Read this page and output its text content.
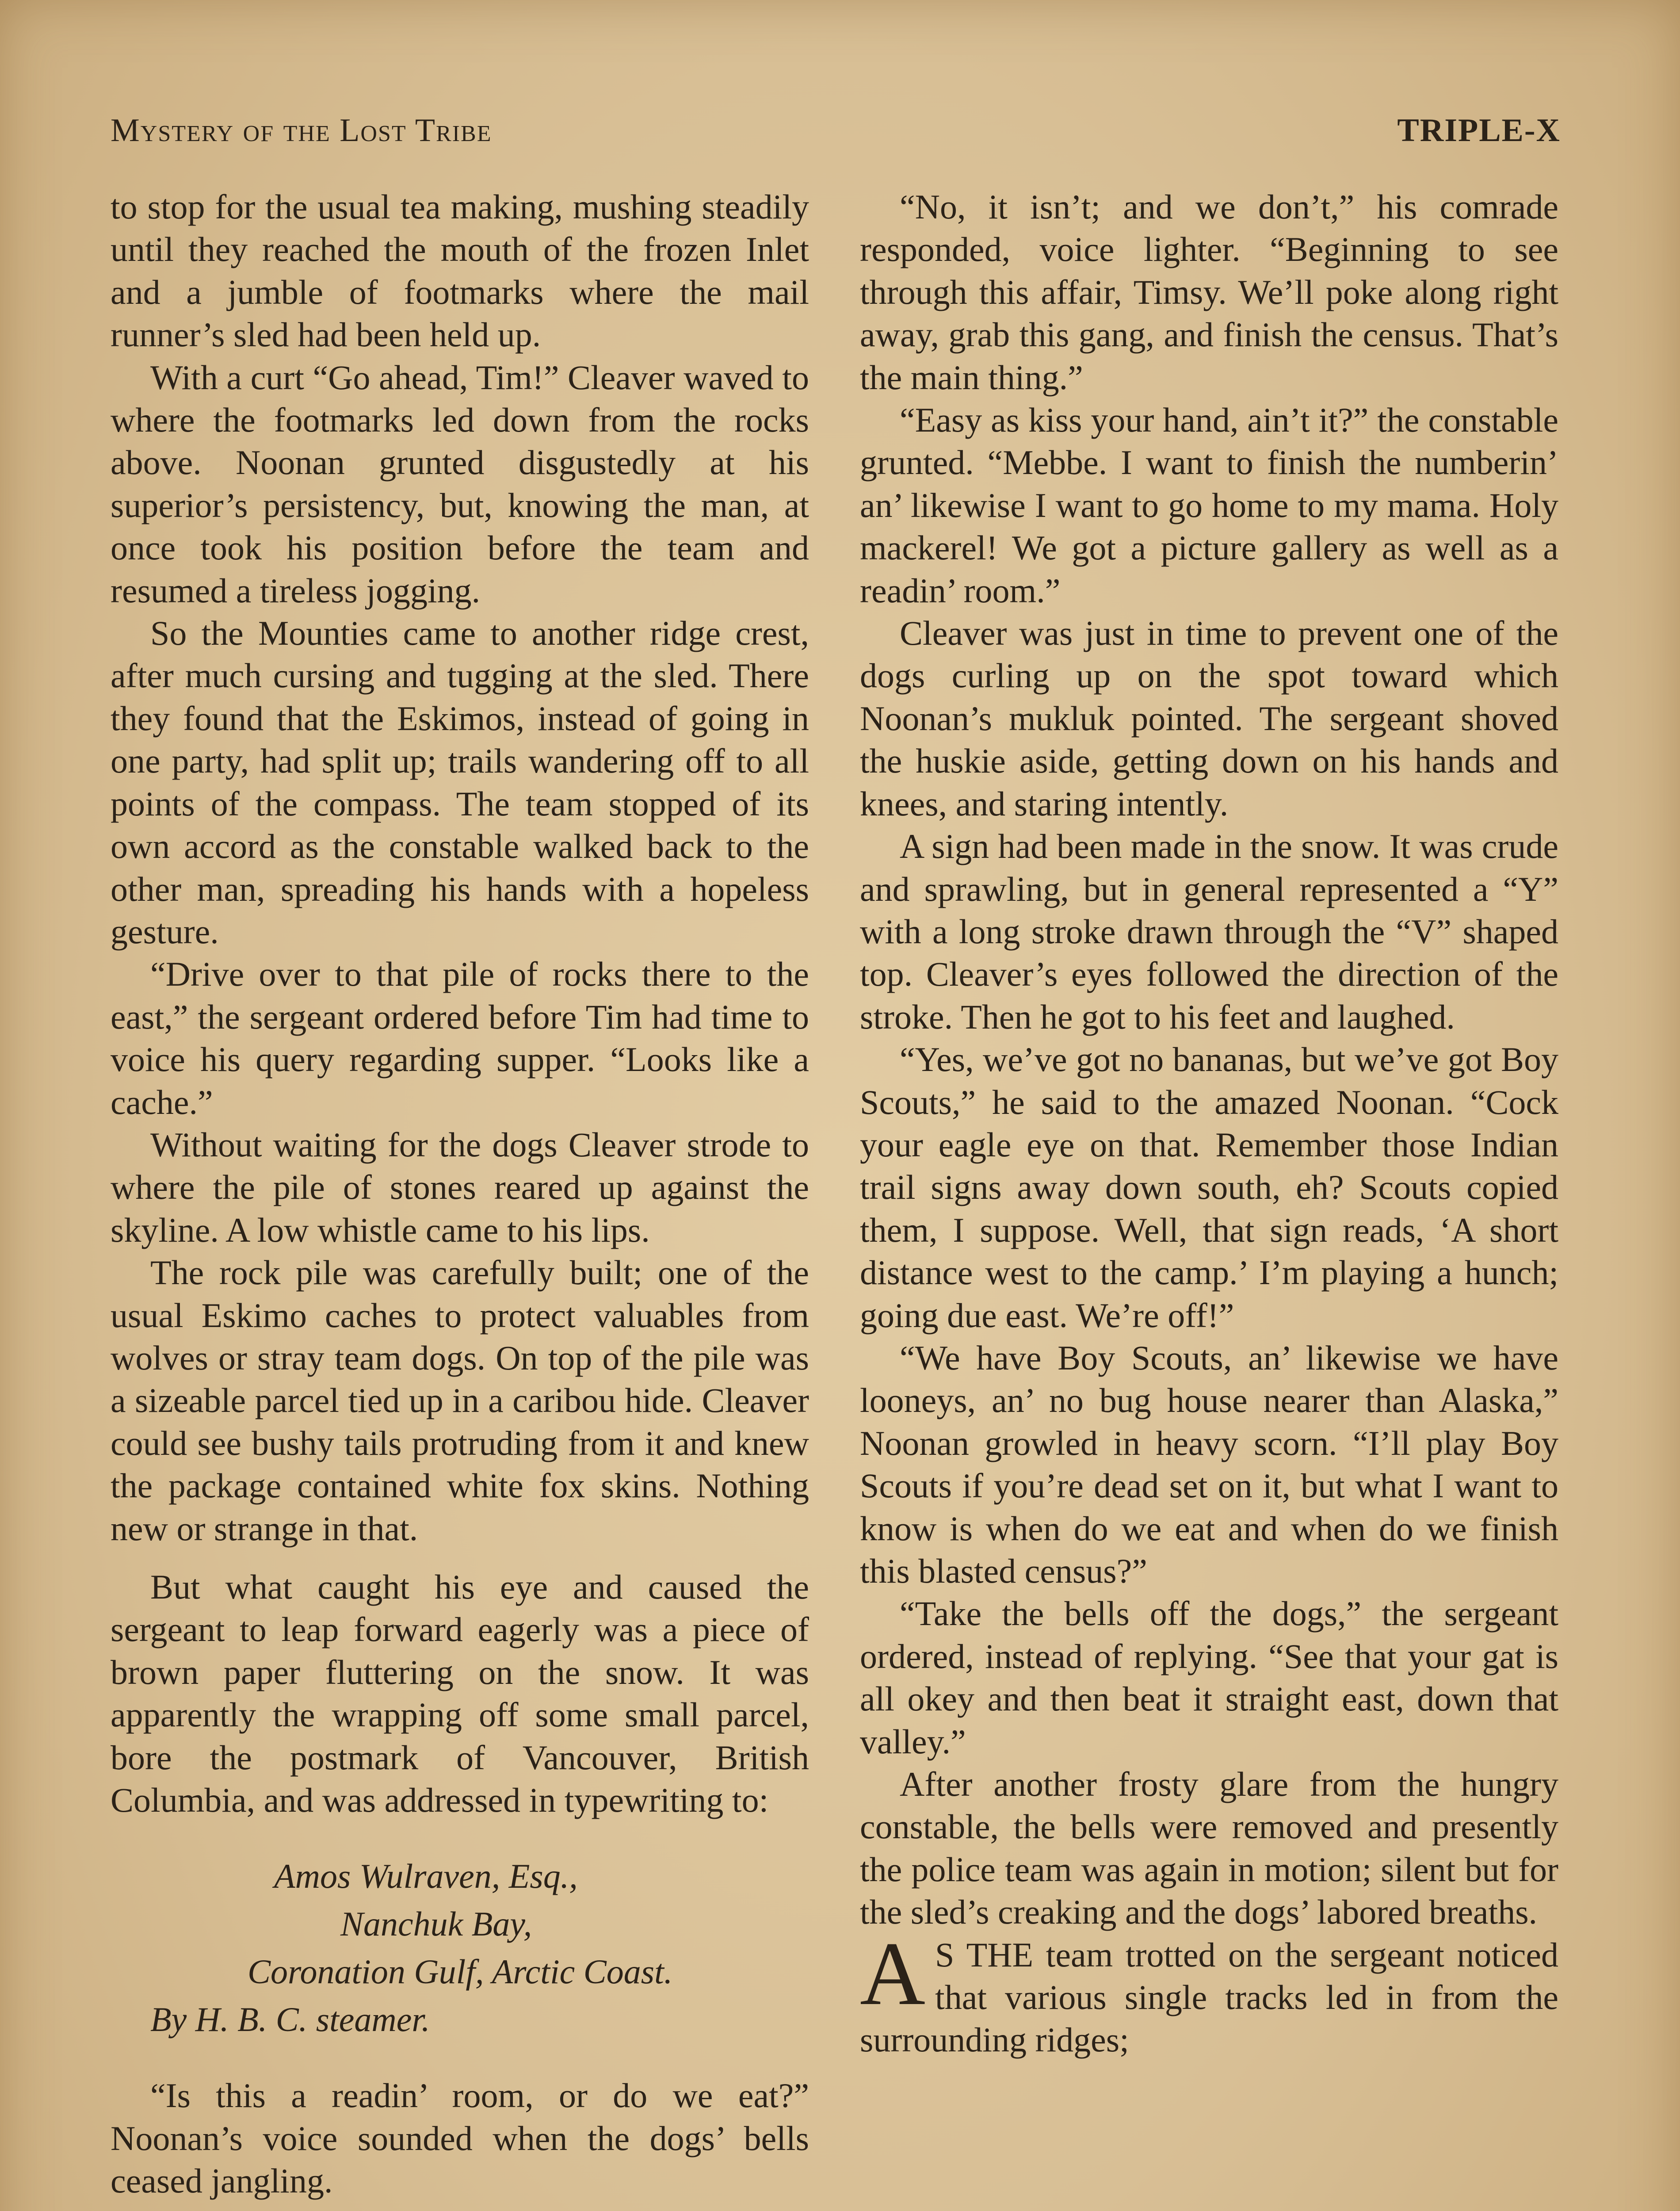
Mystery of the Lost Tribe	TRIPLE-X

to stop for the usual tea making, mushing steadily until they reached the mouth of the frozen Inlet and a jumble of footmarks where the mail runner’s sled had been held up.

With a curt “Go ahead, Tim!” Cleaver waved to where the footmarks led down from the rocks above. Noonan grunted disgustedly at his superior’s persistency, but, knowing the man, at once took his position before the team and resumed a tireless jogging.

So the Mounties came to another ridge crest, after much cursing and tugging at the sled. There they found that the Eskimos, instead of going in one party, had split up; trails wandering off to all points of the compass. The team stopped of its own accord as the constable walked back to the other man, spreading his hands with a hopeless gesture.

“Drive over to that pile of rocks there to the east,” the sergeant ordered before Tim had time to voice his query regarding supper. “Looks like a cache.”

Without waiting for the dogs Cleaver strode to where the pile of stones reared up against the skyline. A low whistle came to his lips.

The rock pile was carefully built; one of the usual Eskimo caches to protect valuables from wolves or stray team dogs. On top of the pile was a sizeable parcel tied up in a caribou hide. Cleaver could see bushy tails protruding from it and knew the package contained white fox skins. Nothing new or strange in that.

But what caught his eye and caused the sergeant to leap forward eagerly was a piece of brown paper fluttering on the snow. It was apparently the wrapping off some small parcel, bore the postmark of Vancouver, British Columbia, and was addressed in typewriting to:

Amos Wulraven, Esq.,
Nanchuk Bay,
Coronation Gulf, Arctic Coast.
By H. B. C. steamer.

“Is this a readin’ room, or do we eat?” Noonan’s voice sounded when the dogs’ bells ceased jangling.

“No, it isn’t; and we don’t,” his comrade responded, voice lighter. “Beginning to see through this affair, Timsy. We’ll poke along right away, grab this gang, and finish the census. That’s the main thing.”

“Easy as kiss your hand, ain’t it?” the constable grunted. “Mebbe. I want to finish the numberin’ an’ likewise I want to go home to my mama. Holy mackerel! We got a picture gallery as well as a readin’ room.”

Cleaver was just in time to prevent one of the dogs curling up on the spot toward which Noonan’s mukluk pointed. The sergeant shoved the huskie aside, getting down on his hands and knees, and staring intently.

A sign had been made in the snow. It was crude and sprawling, but in general represented a “Y” with a long stroke drawn through the “V” shaped top. Cleaver’s eyes followed the direction of the stroke. Then he got to his feet and laughed.

“Yes, we’ve got no bananas, but we’ve got Boy Scouts,” he said to the amazed Noonan. “Cock your eagle eye on that. Remember those Indian trail signs away down south, eh? Scouts copied them, I suppose. Well, that sign reads, ‘A short distance west to the camp.’ I’m playing a hunch; going due east. We’re off!”

“We have Boy Scouts, an’ likewise we have looneys, an’ no bug house nearer than Alaska,” Noonan growled in heavy scorn. “I’ll play Boy Scouts if you’re dead set on it, but what I want to know is when do we eat and when do we finish this blasted census?”

“Take the bells off the dogs,” the sergeant ordered, instead of replying. “See that your gat is all okey and then beat it straight east, down that valley.”

After another frosty glare from the hungry constable, the bells were removed and presently the police team was again in motion; silent but for the sled’s creaking and the dogs’ labored breaths.

A S THE team trotted on the sergeant noticed that various single tracks led in from the surrounding ridges;
